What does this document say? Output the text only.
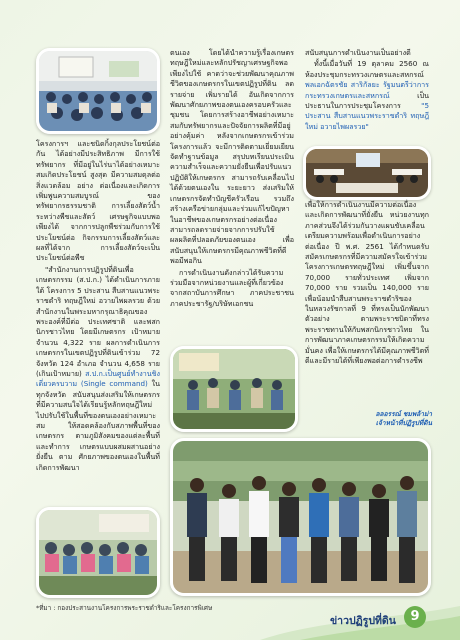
โครงการฯ และชนิดกิ้งกุลประโยชน์ต่อกัน ได้อย่างมีประสิทธิภาพ มีการใช้ทรัพยากร ที่มีอยู่ในไร่นาได้อย่างเหมาะสมเกิดประโยชน์ สูงสุด มีความสมดุลต่อสิ่งแวดล้อม อย่าง ต่อเนื่องและเกิดการเพิ่มพูนความสมบูรณ์ ของทรัพยากรธรรมชาติ การเลี้ยงสัตว์น้ำ ระหว่างพืชและสัตว์ เศรษฐกิจแบบพอเพียงได้ จากการปลูกพืชร่วมกับการใช้ประโยชน์ต่อ กิจกรรมการเลี้ยงสัตว์และผลที่ได้จาก การเลี้ยงสัตว์จะเป็นประโยชน์ต่อพืช

"สำนักงานการปฏิรูปที่ดินเพื่อ เกษตรกรรม (ส.ป.ก.) ได้ดำเนินการภายใต้ โครงการ 5 ประสาน สืบสานแนวพระราชดำริ ทฤษฎีใหม่ อวายไพผลรวย ด้วยสำนักงานในพระมหากรุณาธิคุณของพระองค์ที่มีต่อ ประเทศชาติ และพสกนิกรชาวไทย โดยมีเกษตรกร เป้าหมายจำนวน 4,322 ราย ผลการดำเนินการ เกษตรกรในเขตปฏิรูปที่ดินเข้าร่วม 72 จังหวัด 124 อำเภอ จำนวน 4,658 ราย (เกินเป้าหมาย) ส.ป.ก.เป็นศูนย์ทำงานชิงเดี่ยวครบวาม (Single command) ในทุกจังหวัด สนับสนุนส่งเสริมให้เกษตรกรที่มีความสนใจได้เรียนรู้หลักทฤษฎีใหม่ ไปปรับใช้ในพื้นที่ของตนเองอย่างเหมาะสม ให้สอดคล้องกับสภาพพื้นที่ของเกษตรกร ตามภูมิสังคมของแต่ละพื้นที่ และทำการ เกษตรแบบผสมผสานอย่างยั่งยืน ตาม ศักยภาพของตนเองในพื้นที่ เกิดการพัฒนา

ตนเอง โดยได้นำความรู้เรื่องเกษตรทฤษฎีใหม่และหลักปรัชญาเศรษฐกิจพอเพียงไปใช้ คาดว่าจะช่วยพัฒนาคุณภาพชีวิตของเกษตรกรในเขตปฏิรูปที่ดิน ลดรายจ่าย เพิ่มรายได้ อันเกิดจากการพัฒนาศักยภาพของตนเองครอบครัวและชุมชน โดยการสร้างอาชีพอย่างเหมาะสมกับทรัพยากรและปัจจัยการผลิตที่มีอยู่อย่างคุ้มค่า หลังจากเกษตรกรเข้าร่วมโครงการแล้ว จะมีการติดตามเยี่ยมเยียน จัดทำฐานข้อมูล สรุปบทเรียนประเมินความสำเร็จและความยั่งยืนเพื่อปรับแนวปฏิบัติให้เกษตรกร สามารถรับเคลื่อนไปได้ด้วยตนเองใน ระยะยาว ส่งเสริมให้เกษตรกรจัดทำบัญชีครัวเรือน รวมถึงสร้างเครือข่ายกลุ่มและร่วมแก้ไขปัญหาในอาชีพของเกษตรกรอย่างต่อเนื่อง สามารถลดรายจ่ายจากการปรับใช้ผลผลิตที่ปลอดภัยของตนเอง เพื่อสนับสนุนให้เกษตรกรมีคุณภาพชีวิตที่ดีพอมีพอกิน

การดำเนินงานดังกล่าวได้รับความร่วมมือจากหน่วยงานและผู้ที่เกี่ยวข้องจากสถาบันการศึกษา ภาคประชาชน ภาคประชารัฐ/บริษัทเอกชน

สนับสนุนการดำเนินงานเป็นอย่างดี

ทั้งนี้เมื่อวันที่ 19 ตุลาคม 2560 ณ ห้องประชุมกระทรวงเกษตรและสหกรณ์ พลเอกฉัตรชัย สาริกัลยะ รัฐมนตรีว่าการกระทรวงเกษตรและสหกรณ์ เป็นประธานในการประชุมโครงการ "5 ประสาน สืบสานแนวพระราชดำริ ทฤษฎีใหม่ อวายไพผลรวย"

เพื่อให้การดำเนินงานมีความต่อเนื่องและเกิดการพัฒนาที่ยั่งยืน หน่วยงานทุกภาคส่วนจึงได้ร่วมกันวางแผนขับเคลื่อนเตรียมความพร้อมเพื่อดำเนินการอย่างต่อเนื่อง ปี พ.ศ. 2561 ได้กำหนดรับสมัครเกษตรกรที่มีความสมัครใจเข้าร่วมโครงการเกษตรทฤษฎีใหม่ เพิ่มขึ้นจาก 70,000 รายทั่วประเทศ เพิ่มจาก 70,000 ราย รวมเป็น 140,000 ราย เพื่อน้อมนำสืบสานพระราชดำริของในหลวงรัชกาลที่ 9 ที่ทรงเป็นนักพัฒนาตัวอย่าง ตามพระราชบิดาที่ทรงพระราชทานให้กับพสกนิกรชาวไทย ในการพัฒนาภาคเกษตรกรรมให้เกิดความมั่นคง เพื่อให้เกษตรกรได้มีคุณภาพชีวิตที่ดีและมีรายได้ที่เพียงพอต่อการดำรงชีพ

ลลอรรณ์ ชมพล้าม่า
เจ้าหน้าที่ปฏิรูปที่ดิน
*ที่มา : กองประสานงานโครงการพระราชดำริและโครงการพิเศษ
ข่าวปฏิรูปที่ดิน	9
